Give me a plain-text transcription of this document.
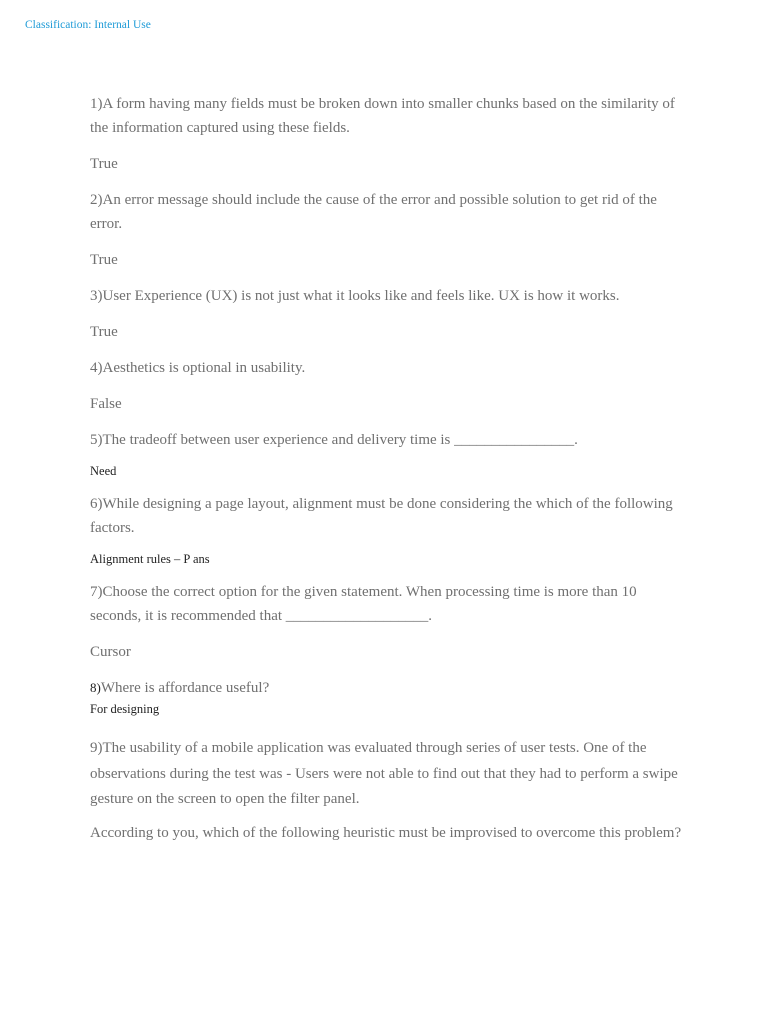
Classification: Internal Use

1)A form having many fields must be broken down into smaller chunks based on the similarity of the information captured using these fields.

True

2)An error message should include the cause of the error and possible solution to get rid of the error.

True

3)User Experience (UX) is not just what it looks like and feels like. UX is how it works.

True

4)Aesthetics is optional in usability.

False

5)The tradeoff between user experience and delivery time is ________________.

Need

6)While designing a page layout, alignment must be done considering the which of the following factors.

Alignment rules – P ans

7)Choose the correct option for the given statement. When processing time is more than 10 seconds, it is recommended that ___________________.

Cursor

8)Where is affordance useful?

For designing

9)The usability of a mobile application was evaluated through series of user tests. One of the observations during the test was - Users were not able to find out that they had to perform a swipe gesture on the screen to open the filter panel.

According to you, which of the following heuristic must be improvised to overcome this problem?
